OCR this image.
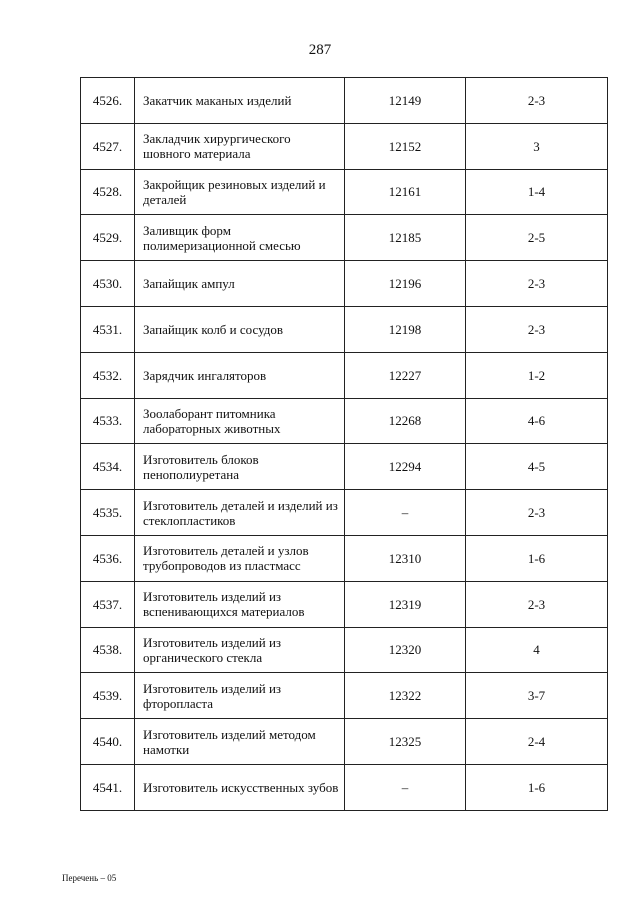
287
4526.	Закатчик маканых изделий	12149	2-3
4527.	Закладчик хирургического шовного материала	12152	3
4528.	Закройщик резиновых изделий и деталей	12161	1-4
4529.	Заливщик форм полимеризационной смесью	12185	2-5
4530.	Запайщик ампул	12196	2-3
4531.	Запайщик колб и сосудов	12198	2-3
4532.	Зарядчик ингаляторов	12227	1-2
4533.	Зоолаборант питомника лабораторных животных	12268	4-6
4534.	Изготовитель блоков пенополиуретана	12294	4-5
4535.	Изготовитель деталей и изделий из стеклопластиков	–	2-3
4536.	Изготовитель деталей и узлов трубопроводов из пластмасс	12310	1-6
4537.	Изготовитель изделий из вспенивающихся материалов	12319	2-3
4538.	Изготовитель изделий из органического стекла	12320	4
4539.	Изготовитель изделий из фторопласта	12322	3-7
4540.	Изготовитель изделий методом намотки	12325	2-4
4541.	Изготовитель искусственных зубов	–	1-6
Перечень – 05
